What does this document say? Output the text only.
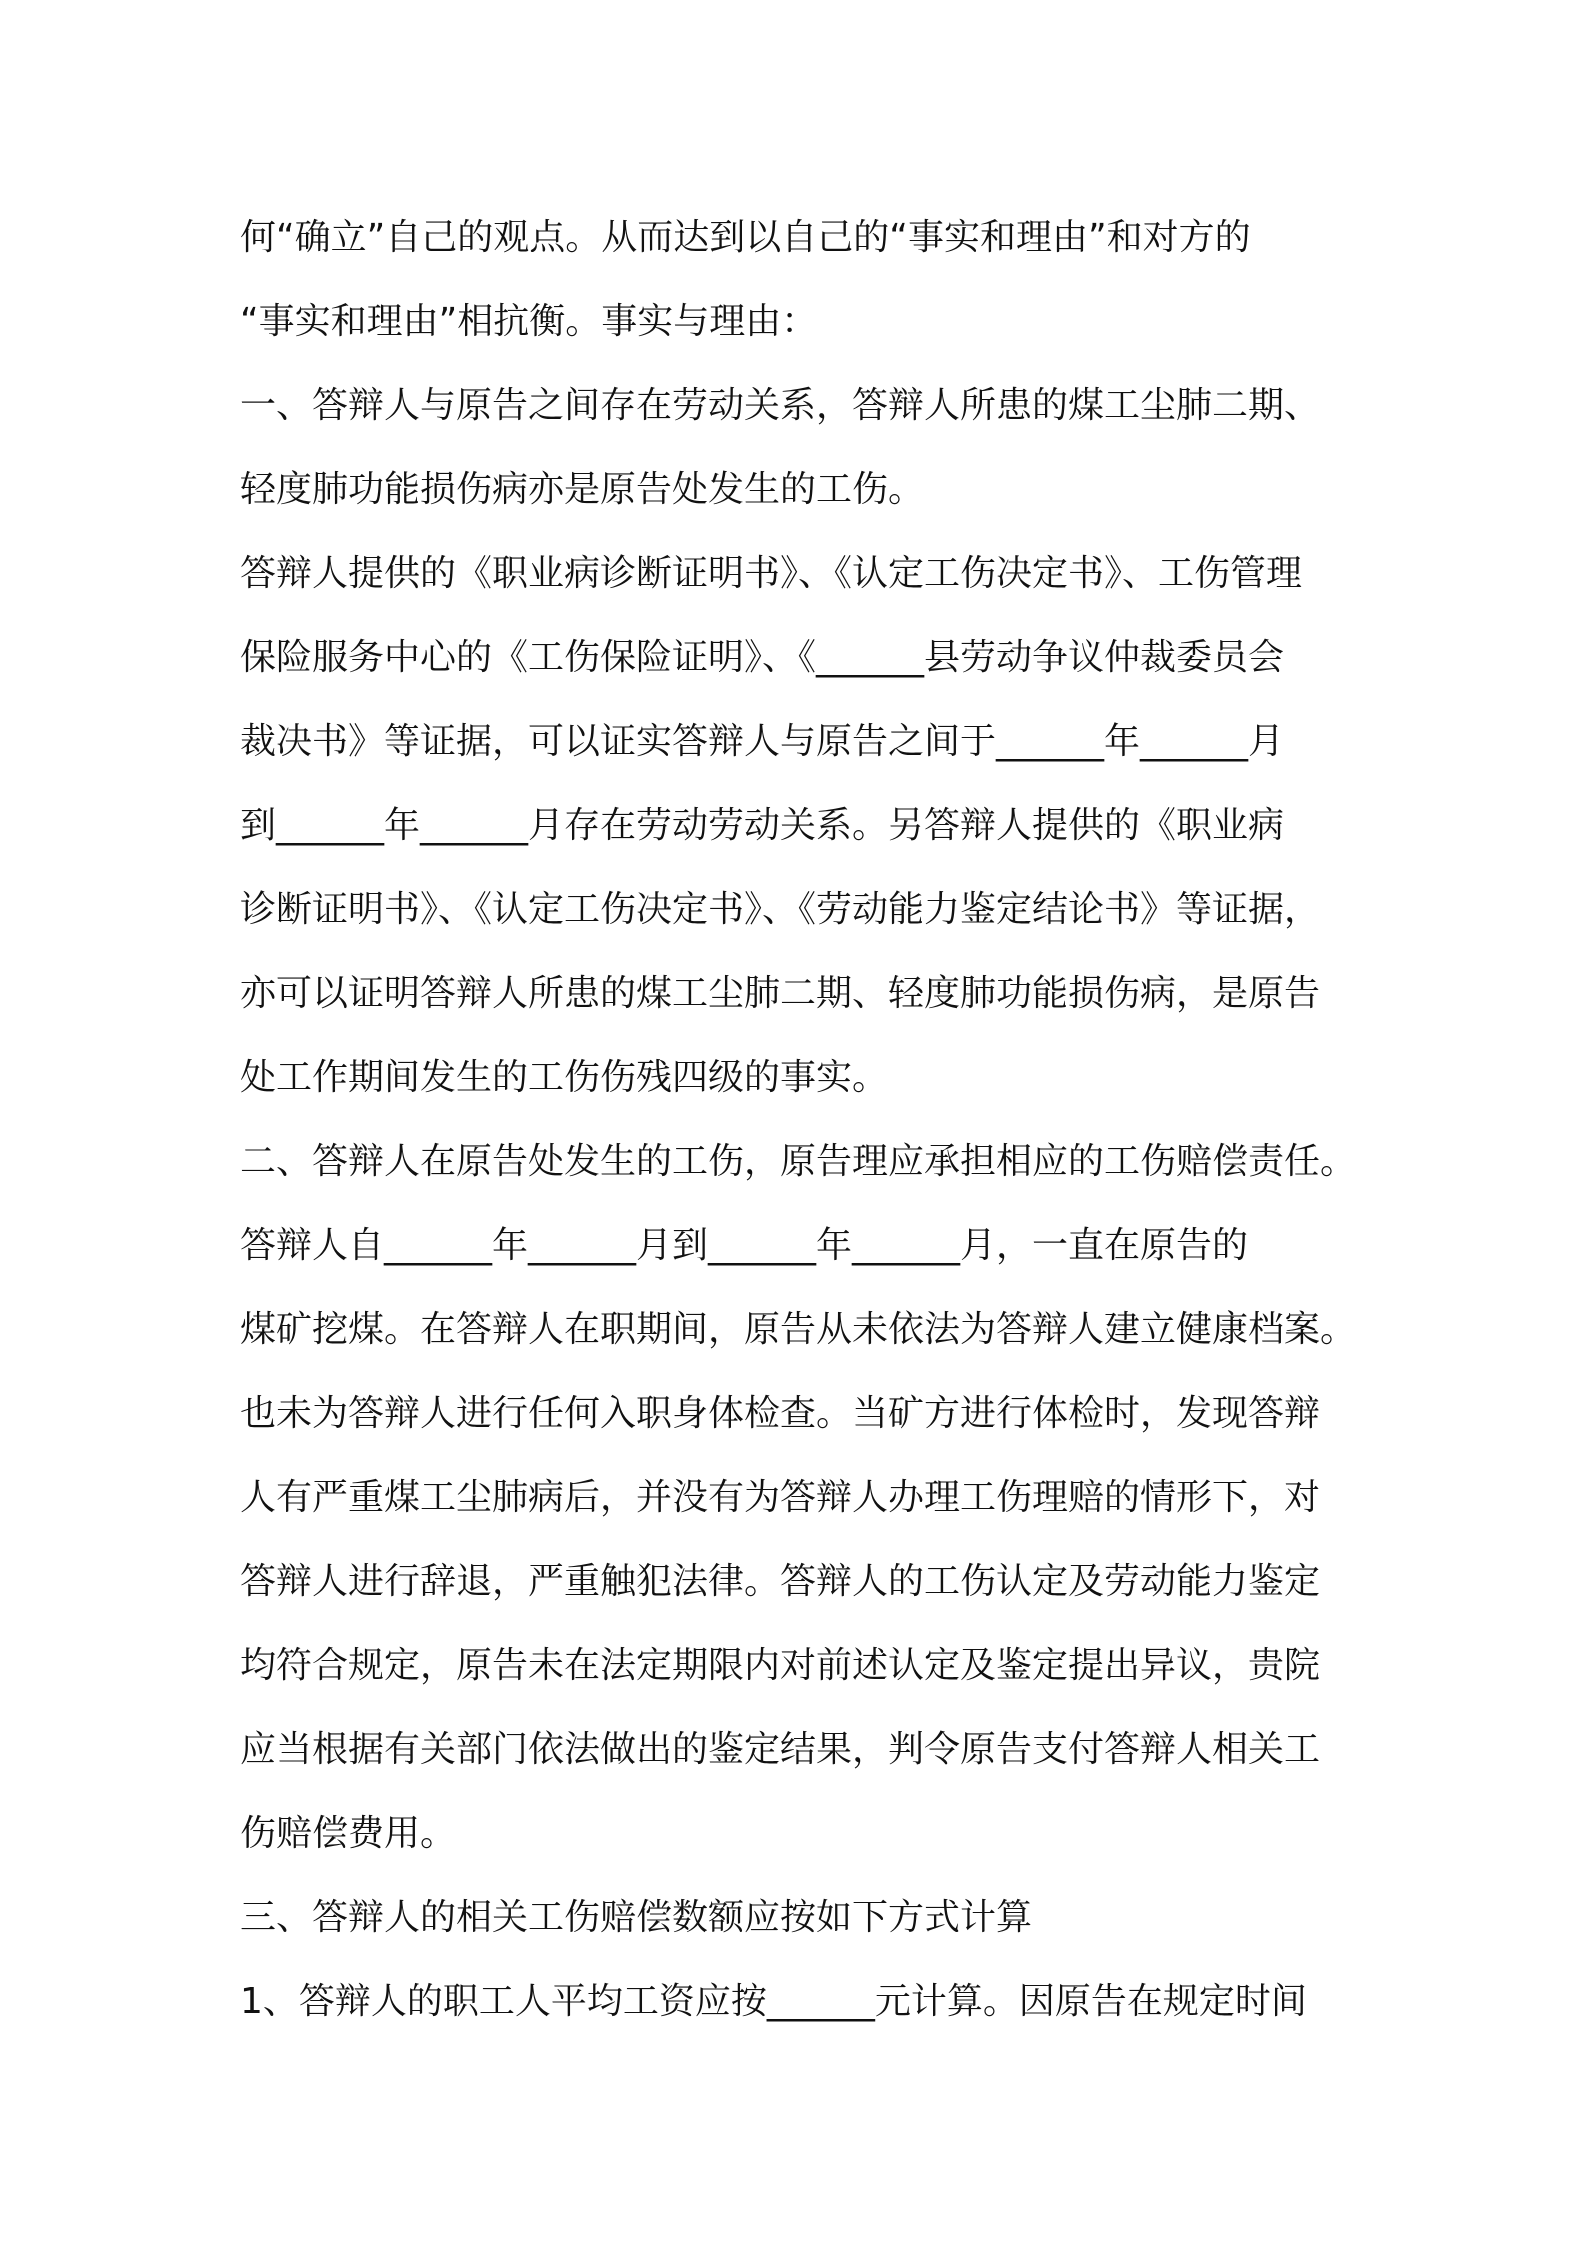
何“确立”自己的观点。从而达到以自己的“事实和理由”和对方的
“事实和理由”相抗衡。事实与理由：
一、答辩人与原告之间存在劳动关系，答辩人所患的煤工尘肺二期、
轻度肺功能损伤病亦是原告处发生的工伤。
答辩人提供的《职业病诊断证明书》、《认定工伤决定书》、工伤管理
保险服务中心的《工伤保险证明》、《______县劳动争议仲裁委员会
裁决书》等证据，可以证实答辩人与原告之间于______年______月
到______年______月存在劳动劳动关系。另答辩人提供的《职业病
诊断证明书》、《认定工伤决定书》、《劳动能力鉴定结论书》等证据，
亦可以证明答辩人所患的煤工尘肺二期、轻度肺功能损伤病，是原告
处工作期间发生的工伤伤残四级的事实。
二、答辩人在原告处发生的工伤，原告理应承担相应的工伤赔偿责任。
答辩人自______年______月到______年______月，一直在原告的
煤矿挖煤。在答辩人在职期间，原告从未依法为答辩人建立健康档案。
也未为答辩人进行任何入职身体检查。当矿方进行体检时，发现答辩
人有严重煤工尘肺病后，并没有为答辩人办理工伤理赔的情形下，对
答辩人进行辞退，严重触犯法律。答辩人的工伤认定及劳动能力鉴定
均符合规定，原告未在法定期限内对前述认定及鉴定提出异议，贵院
应当根据有关部门依法做出的鉴定结果，判令原告支付答辩人相关工
伤赔偿费用。
三、答辩人的相关工伤赔偿数额应按如下方式计算
1、答辩人的职工人平均工资应按______元计算。因原告在规定时间
